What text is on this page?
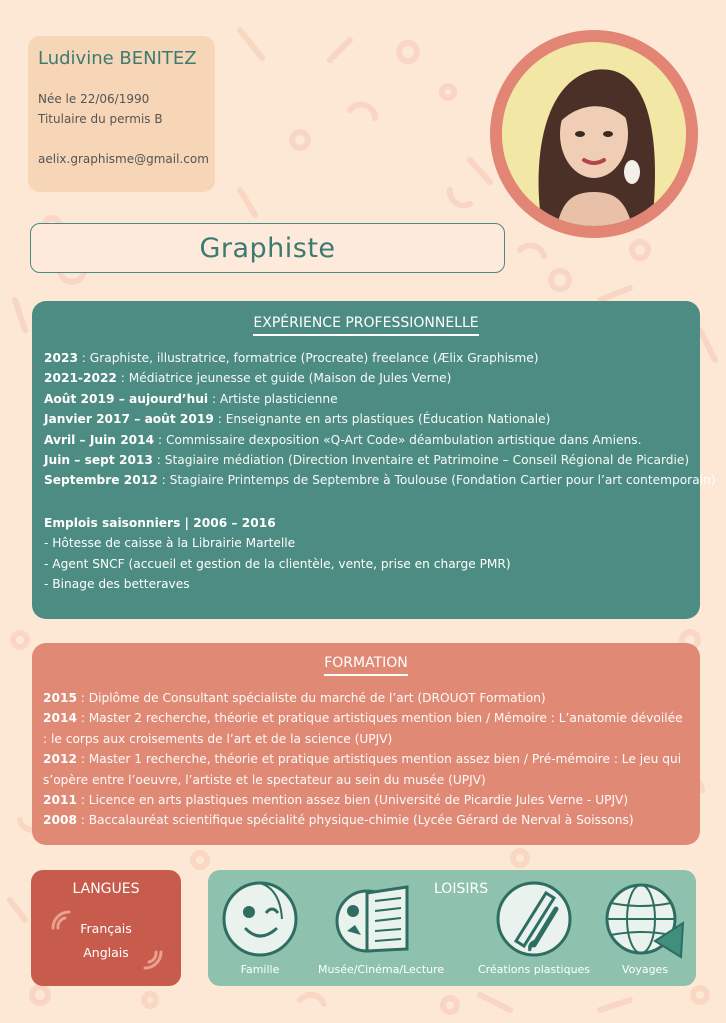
Ludivine BENITEZ
Née le 22/06/1990
Titulaire du permis B
aelix.graphisme@gmail.com
Graphiste
EXPÉRIENCE PROFESSIONNELLE
2023 : Graphiste, illustratrice, formatrice (Procreate) freelance (Ælix Graphisme)
2021-2022 : Médiatrice jeunesse et guide (Maison de Jules Verne)
Août 2019 – aujourd’hui : Artiste plasticienne
Janvier 2017 – août 2019 : Enseignante en arts plastiques (Éducation Nationale)
Avril – Juin 2014 : Commissaire dexposition «Q-Art Code» déambulation artistique dans Amiens.
Juin – sept 2013 : Stagiaire médiation (Direction Inventaire et Patrimoine – Conseil Régional de Picardie)
Septembre 2012 : Stagiaire Printemps de Septembre à Toulouse (Fondation Cartier pour l’art contemporain)
Emplois saisonniers | 2006 – 2016
- Hôtesse de caisse à la Librairie Martelle
- Agent SNCF (accueil et gestion de la clientèle, vente, prise en charge PMR)
- Binage des betteraves
FORMATION
2015 : Diplôme de Consultant spécialiste du marché de l’art (DROUOT Formation)
2014 : Master 2 recherche, théorie et pratique artistiques mention bien / Mémoire : L’anatomie dévoilée : le corps aux croisements de l’art et de la science (UPJV)
2012 : Master 1 recherche, théorie et pratique artistiques mention assez bien / Pré-mémoire : Le jeu qui s’opère entre l’oeuvre, l’artiste et le spectateur au sein du musée (UPJV)
2011 : Licence en arts plastiques mention assez bien (Université de Picardie Jules Verne - UPJV)
2008 : Baccalauréat scientifique spécialité physique-chimie (Lycée Gérard de Nerval à Soissons)
LANGUES
Français
Anglais
LOISIRS
Famille	Musée/Cinéma/Lecture	Créations plastiques	Voyages
